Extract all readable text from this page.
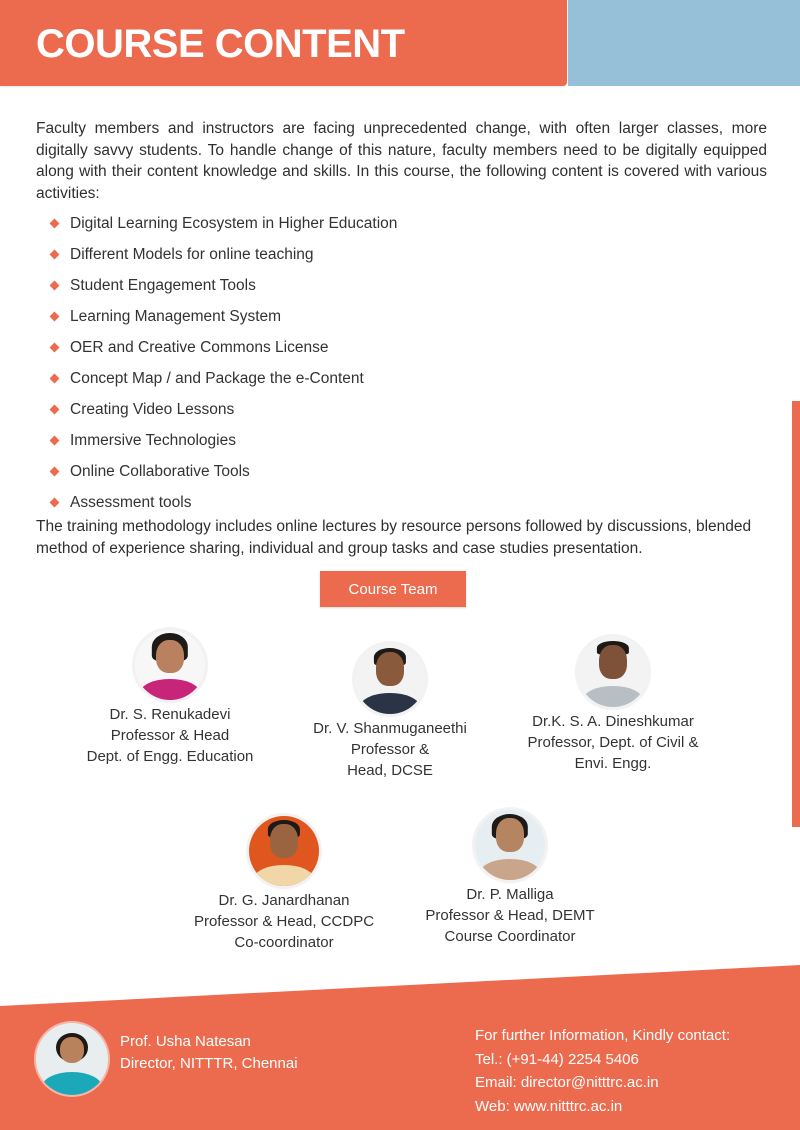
COURSE CONTENT

Faculty members and instructors are facing unprecedented change, with often larger classes, more digitally savvy students. To handle change of this nature, faculty members need to be digitally equipped along with their content knowledge and skills. In this course, the following content is covered with various activities:

Digital Learning Ecosystem in Higher Education
Different Models for online teaching
Student Engagement Tools
Learning Management System
OER and Creative Commons License
Concept Map / and Package the e-Content
Creating Video Lessons
Immersive Technologies
Online Collaborative Tools
Assessment tools

The training methodology includes online lectures by resource persons followed by discussions, blended method of experience sharing, individual and group tasks and case studies presentation.

Course Team
Dr. S. Renukadevi
Professor & Head
Dept. of Engg. Education
Dr. V. Shanmuganeethi
Professor &
Head, DCSE
Dr.K. S. A. Dineshkumar
Professor, Dept. of Civil &
Envi. Engg.
Dr. G. Janardhanan
Professor & Head, CCDPC
Co-coordinator
Dr. P. Malliga
Professor & Head, DEMT
Course Coordinator
Prof. Usha Natesan
Director, NITTTR, Chennai
For further Information, Kindly contact:
Tel.: (+91-44) 2254 5406
Email: director@nitttrc.ac.in
Web: www.nitttrc.ac.in
